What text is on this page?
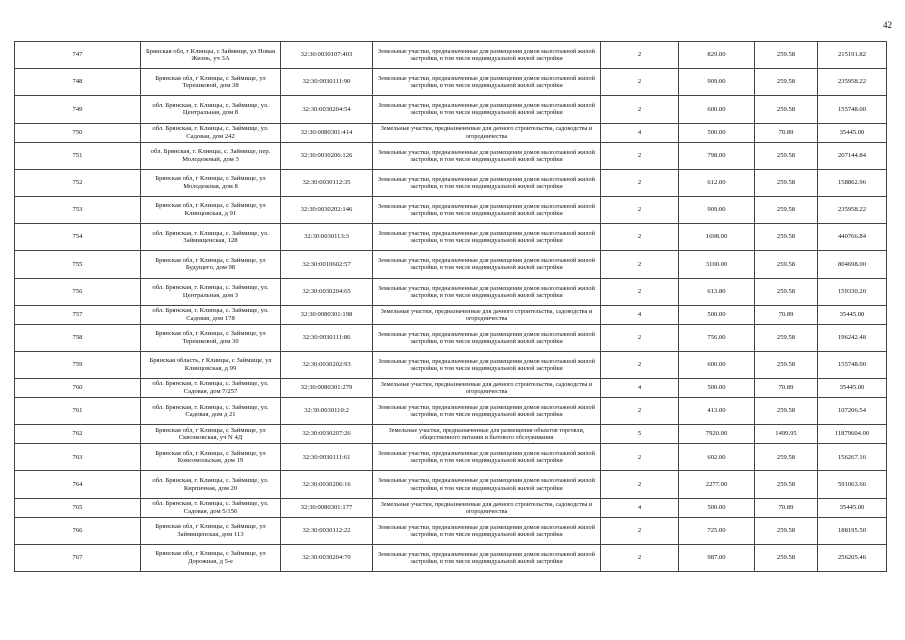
42
747	Брянская обл, г Клинцы, с Займище, ул Новая Жизнь, уч 3А	32:30:0030107:403	Земельные участки, предназначенные для размещения домов малоэтажной жилой застройки, в том числе индивидуальной жилой застройки	2	829.00	259.58	215191.82
748	Брянская обл, г Клинцы, с Займище, ул Терешковой, дом 38	32:30:0030111:90	Земельные участки, предназначенные для размещения домов малоэтажной жилой застройки, в том числе индивидуальной жилой застройки	2	909.00	259.58	235958.22
749	обл. Брянская, г. Клинцы, с. Займище, ул. Центральная, дом 8	32:30:0030204:54	Земельные участки, предназначенные для размещения домов малоэтажной жилой застройки, в том числе индивидуальной жилой застройки	2	600.00	259.58	155748.00
750	обл. Брянская, г. Клинцы, с. Займище, ул. Садовая, дом 242	32:30:0080301:414	Земельные участки, предназначенные для дачного строительства, садоводства и огородничества	4	500.00	70.89	35445.00
751	обл. Брянская, г. Клинцы, с. Займище, пер. Молодежный, дом 3	32:30:0030206:126	Земельные участки, предназначенные для размещения домов малоэтажной жилой застройки, в том числе индивидуальной жилой застройки	2	798.00	259.58	207144.84
752	Брянская обл, г Клинцы, с Займище, ул Молодежная, дом 8	32:30:0030112:35	Земельные участки, предназначенные для размещения домов малоэтажной жилой застройки, в том числе индивидуальной жилой застройки	2	612.00	259.58	158862.96
753	Брянская обл, г Клинцы, с Займище, ул Клинцовская, д 91	32:30:0030202:146	Земельные участки, предназначенные для размещения домов малоэтажной жилой застройки, в том числе индивидуальной жилой застройки	2	909.00	259.58	235958.22
754	обл. Брянская, г. Клинцы, с. Займище, ул. Займищенская, 128	32:30:0030113:3	Земельные участки, предназначенные для размещения домов малоэтажной жилой застройки, в том числе индивидуальной жилой застройки	2	1698.00	259.58	440766.84
755	Брянская обл, г Клинцы, с Займище, ул Будущего, дом 98	32:30:0010602:57	Земельные участки, предназначенные для размещения домов малоэтажной жилой застройки, в том числе индивидуальной жилой застройки	2	3100.00	259.58	804698.00
756	обл. Брянская, г. Клинцы, с. Займище, ул. Центральная, дом 3	32:30:0030204:65	Земельные участки, предназначенные для размещения домов малоэтажной жилой застройки, в том числе индивидуальной жилой застройки	2	613.80	259.58	159330.20
757	обл. Брянская, г. Клинцы, с. Займище, ул. Садовая, дом 178	32:30:0080301:198	Земельные участки, предназначенные для дачного строительства, садоводства и огородничества	4	500.00	70.89	35445.00
758	Брянская обл, г Клинцы, с Займище, ул Терешковой, дом 30	32:30:0030111:86	Земельные участки, предназначенные для размещения домов малоэтажной жилой застройки, в том числе индивидуальной жилой застройки	2	756.00	259.58	196242.48
759	Брянская область, г Клинцы, с Займище, ул Клинцовская, д 99	32:30:0030202:93	Земельные участки, предназначенные для размещения домов малоэтажной жилой застройки, в том числе индивидуальной жилой застройки	2	600.00	259.58	155748.00
760	обл. Брянская, г. Клинцы, с. Займище, ул. Садовая, дом 7/257	32:30:0080301:279	Земельные участки, предназначенные для дачного строительства, садоводства и огородничества	4	500.00	70.89	35445.00
761	обл. Брянская, г. Клинцы, с. Займище, ул. Садовая, дом д 21	32:30:0030110:2	Земельные участки, предназначенные для размещения домов малоэтажной жилой застройки, в том числе индивидуальной жилой застройки	2	413.00	259.58	107206.54
762	Брянская обл, г Клинцы, с Займище, ул Сквозковская, уч N 4Д	32:30:0030207:26	Земельные участки, предназначенные для размещения объектов торговли, общественного питания и бытового обслуживания	5	7920.00	1499.95	11879604.00
763	Брянская обл, г Клинцы, с Займище, ул Комсомольская, дом 19	32:30:0030111:61	Земельные участки, предназначенные для размещения домов малоэтажной жилой застройки, в том числе индивидуальной жилой застройки	2	602.00	259.58	156267.16
764	обл. Брянская, г. Клинцы, с. Займище, ул. Кирпичная, дом 20	32:30:0030206:16	Земельные участки, предназначенные для размещения домов малоэтажной жилой застройки, в том числе индивидуальной жилой застройки	2	2277.00	259.58	591063.66
765	обл. Брянская, г. Клинцы, с. Займище, ул. Садовая, дом 5/156	32:30:0080301:177	Земельные участки, предназначенные для дачного строительства, садоводства и огородничества	4	500.00	70.89	35445.00
766	Брянская обл, г Клинцы, с Займище, ул Займищенская, дом 113	32:30:0030112:22	Земельные участки, предназначенные для размещения домов малоэтажной жилой застройки, в том числе индивидуальной жилой застройки	2	725.00	259.58	188195.50
767	Брянская обл, г Клинцы, с Займище, ул Дорожная, д 5-е	32:30:0030204:70	Земельные участки, предназначенные для размещения домов малоэтажной жилой застройки, в том числе индивидуальной жилой застройки	2	987.00	259.58	256205.46
